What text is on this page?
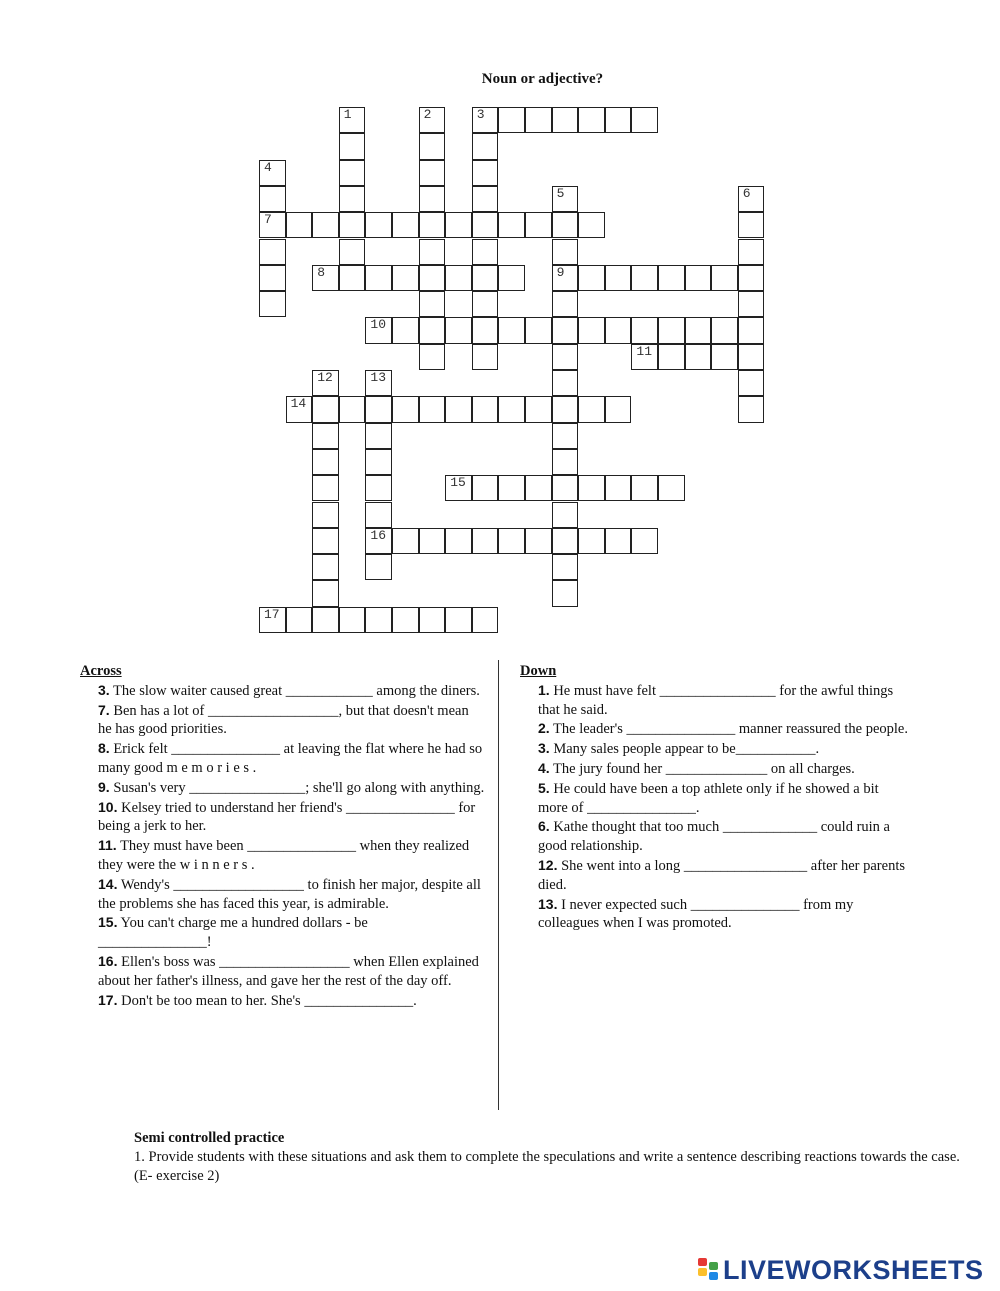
Noun or adjective?
1	2	3
4
7
5
9
6
8
10
11
12	13
16
14
15
17
Across

3. The slow waiter caused great ____________ among the diners.

7. Ben has a lot of __________________, but that doesn't mean he has good priorities.

8. Erick felt _______________ at leaving the flat where he had so many good m e m o r i e s .

9. Susan's very ________________; she'll go along with anything.

10. Kelsey tried to understand her friend's _______________ for being a jerk to her.

11. They must have been _______________ when they realized they were the w i n n e r s .

14. Wendy's __________________ to finish her major, despite all the problems she has faced this year, is admirable.

15. You can't charge me a hundred dollars - be _______________!

16. Ellen's boss was __________________ when Ellen explained about her father's illness, and gave her the rest of the day off.

17. Don't be too mean to her. She's _______________.

Down

1. He must have felt ________________ for the awful things that he said.

2. The leader's _______________ manner reassured the people.

3. Many sales people appear to be___________.

4. The jury found her ______________ on all charges.

5. He could have been a top athlete only if he showed a bit more of _______________.

6. Kathe thought that too much _____________ could ruin a good relationship.

12. She went into a long _________________ after her parents died.

13. I never expected such _______________ from my colleagues when I was promoted.

Semi controlled practice

1. Provide students with these situations and ask them to complete the speculations and write a sentence describing reactions towards the case. (E- exercise 2)

LIVEWORKSHEETS
